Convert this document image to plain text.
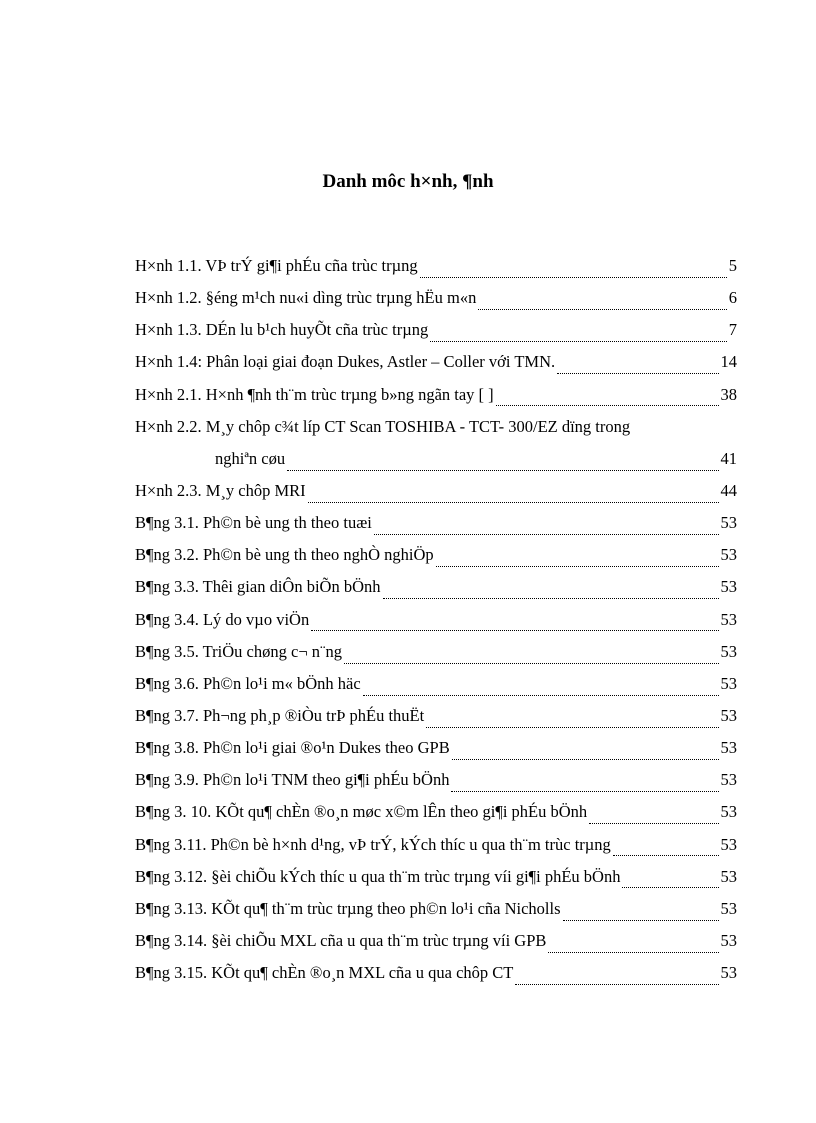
Danh môc h×nh, ¶nh
H×nh 1.1. VÞ trÝ gi¶i phÉu cña trùc trµng	5
H×nh 1.2. §éng m¹ch nu«i dìng trùc trµng hËu m«n	6
H×nh 1.3. DÉn lu b¹ch huyÕt cña trùc trµng	7
H×nh 1.4: Phân loại giai đoạn Dukes, Astler – Coller với TMN.	14
H×nh 2.1. H×nh ¶nh th¨m trùc trµng b»ng ngãn tay [ ]	38
H×nh 2.2. M¸y chôp c¾t líp CT Scan TOSHIBA - TCT- 300/EZ dïng trong
nghiªn cøu	41
H×nh 2.3. M¸y chôp MRI	44
B¶ng 3.1. Ph©n bè ung th theo tuæi	53
B¶ng 3.2. Ph©n bè ung th theo nghÒ nghiÖp	53
B¶ng 3.3. Thêi gian diÔn biÕn bÖnh	53
B¶ng 3.4. Lý do vµo viÖn	53
B¶ng 3.5. TriÖu chøng c¬ n¨ng	53
B¶ng 3.6. Ph©n lo¹i m« bÖnh häc	53
B¶ng 3.7. Ph¬ng ph¸p ®iÒu trÞ phÉu thuËt	53
B¶ng 3.8. Ph©n lo¹i giai ®o¹n Dukes theo GPB	53
B¶ng 3.9. Ph©n lo¹i TNM theo gi¶i phÉu bÖnh	53
B¶ng 3. 10. KÕt qu¶ chÈn ®o¸n møc x©m lÊn theo gi¶i phÉu bÖnh	53
B¶ng 3.11. Ph©n bè h×nh d¹ng, vÞ trÝ, kÝch thíc u qua th¨m trùc trµng	53
B¶ng 3.12. §èi chiÕu kÝch thíc u qua th¨m trùc trµng víi gi¶i phÉu bÖnh	53
B¶ng 3.13. KÕt qu¶ th¨m trùc trµng theo ph©n lo¹i cña Nicholls	53
B¶ng 3.14. §èi chiÕu MXL cña u qua th¨m trùc trµng víi GPB	53
B¶ng 3.15. KÕt qu¶ chÈn ®o¸n MXL cña u qua chôp CT	53
